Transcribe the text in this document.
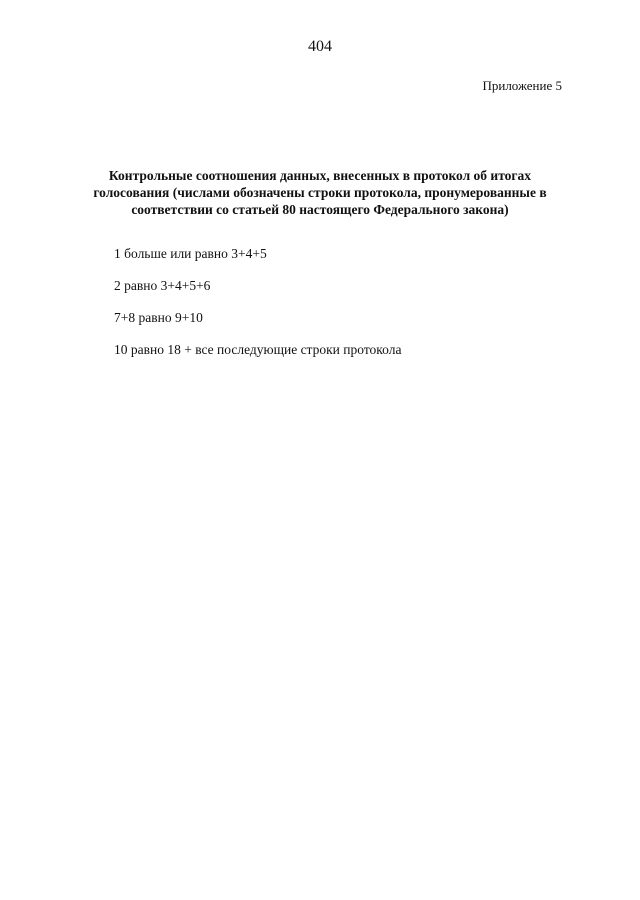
404
Приложение 5
Контрольные соотношения данных, внесенных в протокол об итогах
голосования (числами обозначены строки протокола, пронумерованные в
соответствии со статьей 80 настоящего Федерального закона)
1 больше или равно 3+4+5
2 равно 3+4+5+6
7+8 равно 9+10
10 равно 18 + все последующие строки протокола
